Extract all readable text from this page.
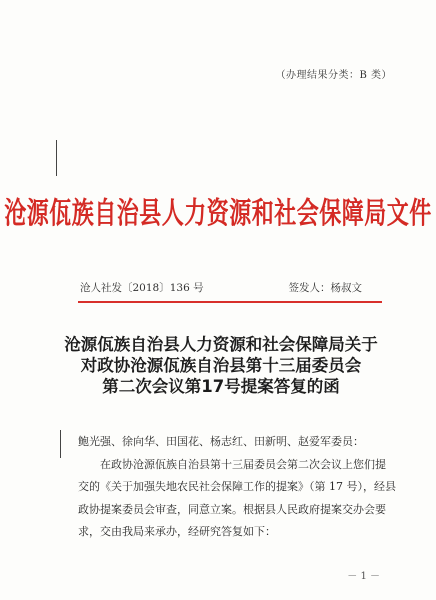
（办理结果分类：B 类）
沧源佤族自治县人力资源和社会保障局文件
沧人社发〔2018〕136 号	签发人：杨叔文
沧源佤族自治县人力资源和社会保障局关于
对政协沧源佤族自治县第十三届委员会
第二次会议第17号提案答复的函
鲍光强、徐向华、田国花、杨志红、田新明、赵爱军委员：
在政协沧源佤族自治县第十三届委员会第二次会议上您们提
交的《关于加强失地农民社会保障工作的提案》（第 17 号），经县
政协提案委员会审查，同意立案。根据县人民政府提案交办会要
求，交由我局来承办，经研究答复如下：
－ 1 －
